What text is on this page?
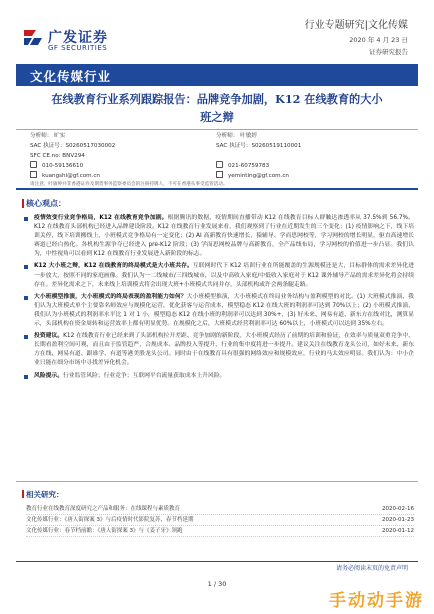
广发证券
GF SECURITIES
行业专题研究|文化传媒
2020 年 4 月 23 日
证券研究报告
文化传媒行业
在线教育行业系列跟踪报告：品牌竞争加剧，K12 在线教育的大小
班之辩
分析师： 旷实
SAC 执证号：S0260517030002
SFC CE.no: BNV294
010-59136610
kuangshi@gf.com.cn
分析师： 叶敏婷
SAC 执证号：S0260519110001

021-60759783
yeminting@gf.com.cn
请注意，叶敏婷并非香港证券及期货事务监察委员会的注册持牌人，不可在香港从事受监管活动。
核心观点：
疫情效变行业竞争格局，K12 在线教育竞争加剧。根据腾讯的数据，疫情期间直播带动 K12 在线教育目标人群触达渗透率从 37.5%到 56.7%。K12 在线教育头部机构已经进入品牌建设阶段。K12 在线教育行业发展来看，我们观察到了行业在近期发生的三个变化：(1) 疫情影响之下，线下培训关停，线下培训搬线上，小班模式竞争格局有一定变化；(2) AI 高新教育快速增长，猿辅导、学而思网校等，学习网校的增长明显，驱直高速增长赛道已经白热化。各机构生源争夺已经进入 pre-K12 阶段；(3) 学而思网校品牌与高新教育，全产品线布局，学习网校的价值进一步凸显。我们认为，中性视角可以看到 K12 在线教育行业发展进入新阶段的标志。
K12 大小班之辩，K12 在线教育的终局模式是大小班共存。互联网时代下 K12 培训行业在所能覆盖的生源规模还是大，目标群体的需求差异化进一步放大，按照不同的家庭画像。我们认为一二线城市/三四线城市，以及中高收入家庭/中低收入家庭对于 K12 课外辅导产品的需求差异化将会持续存在。差异化需求之下，未来线上培训模式将会出现大班+小班模式共同并存，头部机构或许会两条腿走路。
大小班模型推演，大小班模式的终局表现的盈利能力如何？大小班模型推演，大小班模式在终局业务结构与盈利模型的对比。(1) 大班模式推演，我们认为大班模式单个主要靠名师效应与规模化运营，优化获客与运营成本，模型稳态 K12 在线大班的利润率可达到 70%以上；(2) 小班模式推演，我们认为小班模式的利润率水平比 1 对 1 小，模型稳态 K12 在线小班的利润率可以达到 30%+，(3) 好未来、网易有道、新东方在线对比，测算显示，头部机构在资金周转和运营效率上都有明显优势。在规模化之后，大班模式经营利润率可达 60%以上，小班模式可以达到 35%左右。
投资建议。K12 在线教育行业已经来到了头部机构拉开差距、竞争加剧的新阶段，大小班模式经历了前期的培训和验证，在效率与质量双重竞争中，长期看盈利空间可观，而且由于监管趋严，合规成本、品牌投入等提升，行业的集中度将进一步提升。建议关注在线教育龙头公司，如好未来、新东方在线、网易有道、跟谁学、有道等港美股龙头公司。同时由于在线教育具有很强的网络效应和规模效应，行业的马太效应明显。我们认为：中小企业只能在细分市场中寻找差异化机会。
风险提示。行业监管风险；行业竞争；互联网平台流量获取成本上升风险。
相关研究：
教育行业在线教育深度研究之产品和服务：在线课程与素质教育	2020-02-16
文化传媒行业：《唐人街探案 3》与后疫情时代影院复苏，春节档延期	2020-01-23
文化传媒行业：春节档前瞻：《唐人街探案 3》与《姜子牙》领跑	2020-01-12
请务必阅读末页的免责声明
1 / 30
手动动手游
